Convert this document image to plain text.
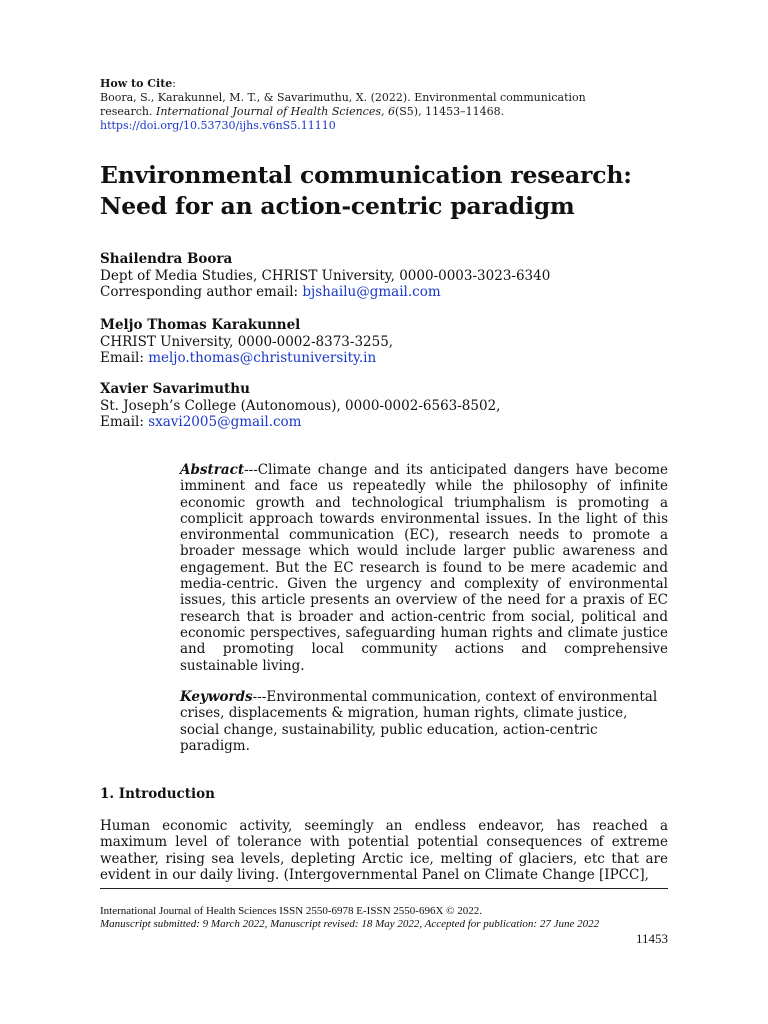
How to Cite:
Boora, S., Karakunnel, M. T., & Savarimuthu, X. (2022). Environmental communication
research. International Journal of Health Sciences, 6(S5), 11453–11468.
https://doi.org/10.53730/ijhs.v6nS5.11110
Environmental communication research:
Need for an action-centric paradigm
Shailendra Boora
Dept of Media Studies, CHRIST University, 0000-0003-3023-6340
Corresponding author email: bjshailu@gmail.com
Meljo Thomas Karakunnel
CHRIST University, 0000-0002-8373-3255,
Email: meljo.thomas@christuniversity.in
Xavier Savarimuthu
St. Joseph’s College (Autonomous), 0000-0002-6563-8502,
Email: sxavi2005@gmail.com
Abstract---Climate change and its anticipated dangers have become imminent and face us repeatedly while the philosophy of infinite economic growth and technological triumphalism is promoting a complicit approach towards environmental issues. In the light of this environmental communication (EC), research needs to promote a broader message which would include larger public awareness and engagement. But the EC research is found to be mere academic and media-centric. Given the urgency and complexity of environmental issues, this article presents an overview of the need for a praxis of EC research that is broader and action-centric from social, political and economic perspectives, safeguarding human rights and climate justice and promoting local community actions and comprehensive sustainable living.
Keywords---Environmental communication, context of environmental crises, displacements & migration, human rights, climate justice, social change, sustainability, public education, action-centric paradigm.
1. Introduction

Human economic activity, seemingly an endless endeavor, has reached a maximum level of tolerance with potential potential consequences of extreme weather, rising sea levels, depleting Arctic ice, melting of glaciers, etc that are evident in our daily living. (Intergovernmental Panel on Climate Change [IPCC],

International Journal of Health Sciences ISSN 2550-6978 E-ISSN 2550-696X © 2022.
Manuscript submitted: 9 March 2022, Manuscript revised: 18 May 2022, Accepted for publication: 27 June 2022
11453
